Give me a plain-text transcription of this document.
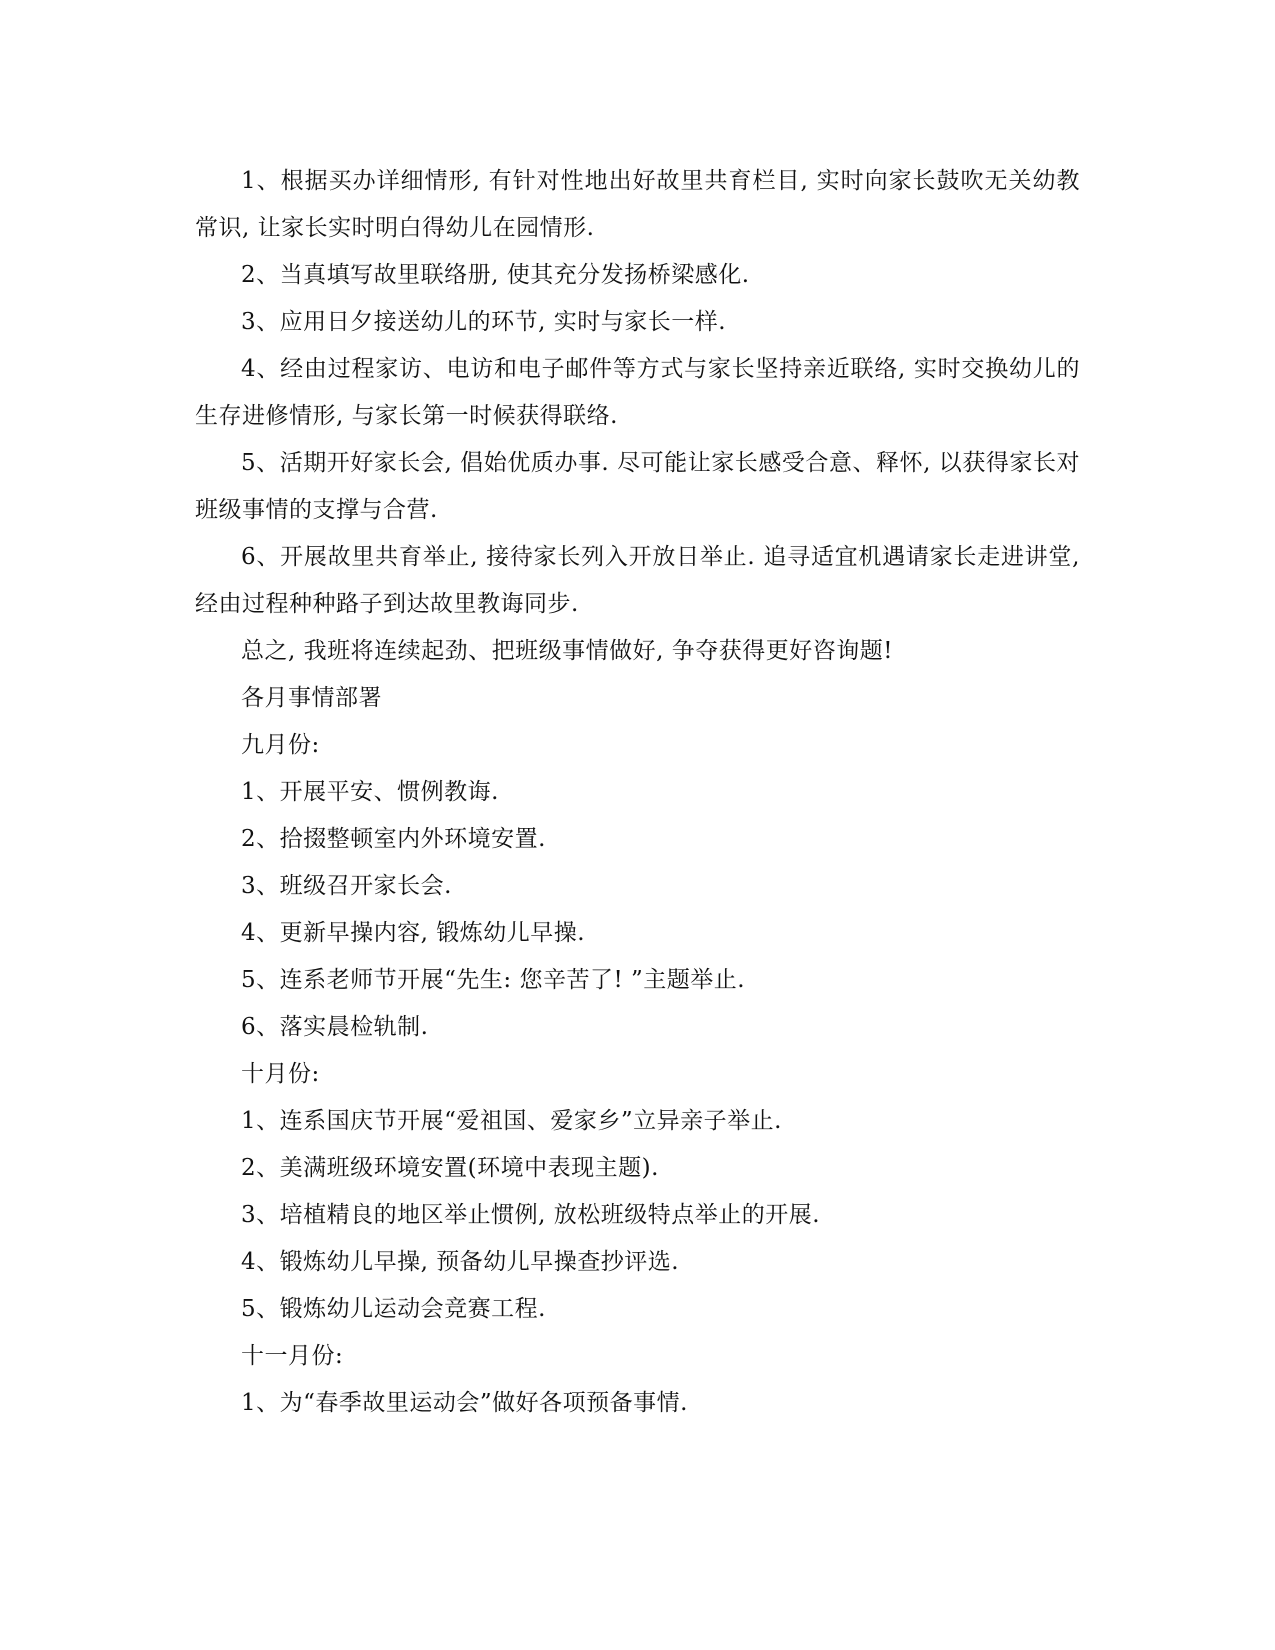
1、根据买办详细情形, 有针对性地出好故里共育栏目, 实时向家长鼓吹无关幼教常识, 让家长实时明白得幼儿在园情形.

2、当真填写故里联络册, 使其充分发扬桥梁感化.

3、应用日夕接送幼儿的环节, 实时与家长一样.

4、经由过程家访、电访和电子邮件等方式与家长坚持亲近联络, 实时交换幼儿的生存进修情形, 与家长第一时候获得联络.

5、活期开好家长会, 倡始优质办事. 尽可能让家长感受合意、释怀, 以获得家长对班级事情的支撑与合营.

6、开展故里共育举止, 接待家长列入开放日举止. 追寻适宜机遇请家长走进讲堂, 经由过程种种路子到达故里教诲同步.

总之, 我班将连续起劲、把班级事情做好, 争夺获得更好咨询题!

各月事情部署

九月份:

1、开展平安、惯例教诲.

2、拾掇整顿室内外环境安置.

3、班级召开家长会.

4、更新早操内容, 锻炼幼儿早操.

5、连系老师节开展“先生: 您辛苦了! ”主题举止.

6、落实晨检轨制.

十月份:

1、连系国庆节开展“爱祖国、爱家乡”立异亲子举止.

2、美满班级环境安置(环境中表现主题).

3、培植精良的地区举止惯例, 放松班级特点举止的开展.

4、锻炼幼儿早操, 预备幼儿早操查抄评选.

5、锻炼幼儿运动会竞赛工程.

十一月份:

1、为“春季故里运动会”做好各项预备事情.
